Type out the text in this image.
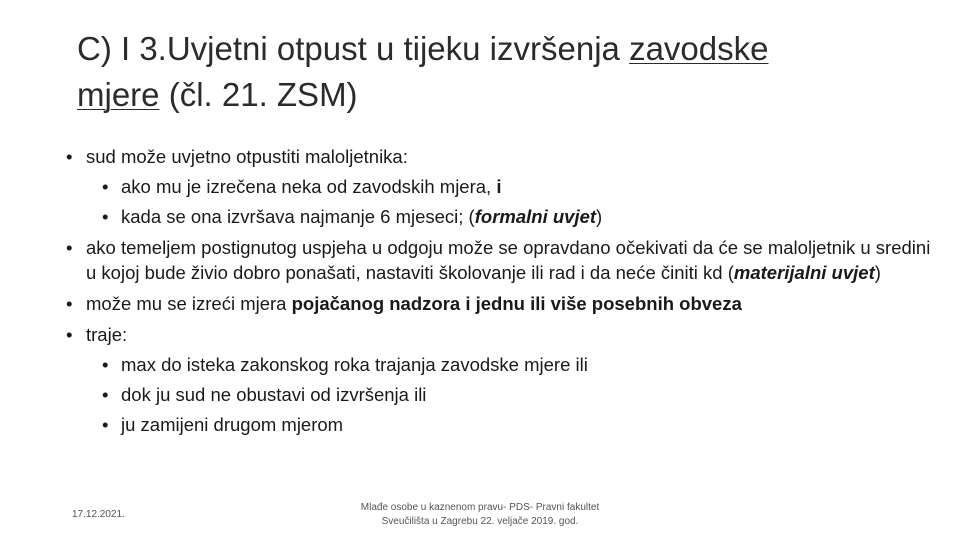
C) I 3.Uvjetni otpust u tijeku izvršenja zavodske
mjere (čl. 21. ZSM)
• sud može uvjetno otpustiti maloljetnika:
• ako mu je izrečena neka od zavodskih mjera, i
• kada se ona izvršava najmanje 6 mjeseci; (formalni uvjet)
• ako temeljem postignutog uspjeha u odgoju može se opravdano očekivati da će se maloljetnik u sredini u kojoj bude živio dobro ponašati, nastaviti školovanje ili rad i da neće činiti kd (materijalni uvjet)
• može mu se izreći mjera pojačanog nadzora i jednu ili više posebnih obveza
• traje:
• max do isteka zakonskog roka trajanja zavodske mjere ili
• dok ju sud ne obustavi od izvršenja ili
• ju zamijeni drugom mjerom
17.12.2021.
Mlađe osobe u kaznenom pravu- PDS- Pravni fakultet
Sveučilišta u Zagrebu 22. veljače 2019. god.
